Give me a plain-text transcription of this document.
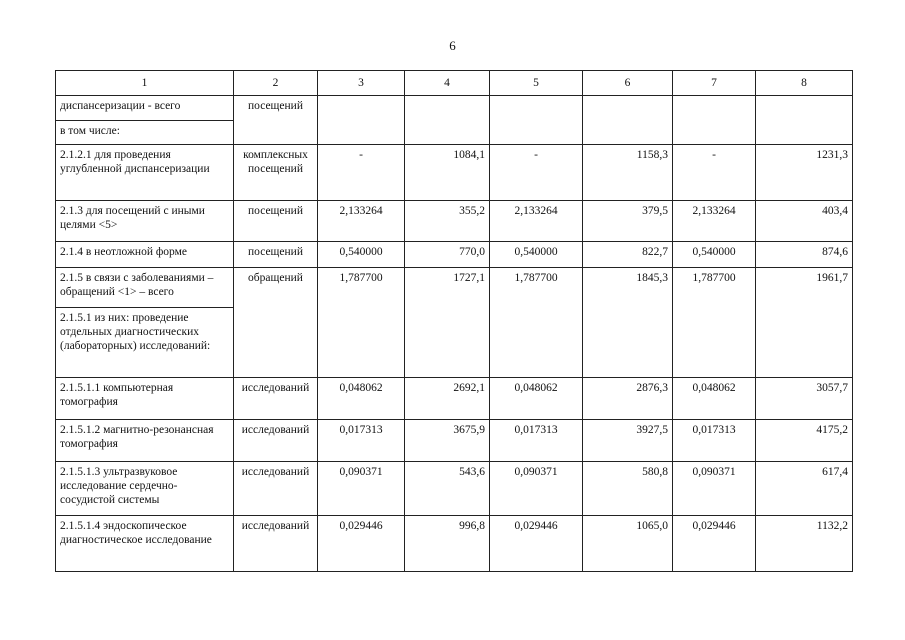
6
1	2	3	4	5	6	7	8
диспансеризации - всего	посещений						
в том числе:							
2.1.2.1 для проведения углубленной диспансеризации	комплексных посещений	-	1084,1	-	1158,3	-	1231,3
2.1.3 для посещений с иными целями <5>	посещений	2,133264	355,2	2,133264	379,5	2,133264	403,4
2.1.4 в неотложной форме	посещений	0,540000	770,0	0,540000	822,7	0,540000	874,6
2.1.5 в связи с заболеваниями – обращений <1> – всего	обращений	1,787700	1727,1	1,787700	1845,3	1,787700	1961,7
2.1.5.1 из них: проведение отдельных диагностических (лабораторных) исследований:							
2.1.5.1.1 компьютерная томография	исследований	0,048062	2692,1	0,048062	2876,3	0,048062	3057,7
2.1.5.1.2 магнитно-резонансная томография	исследований	0,017313	3675,9	0,017313	3927,5	0,017313	4175,2
2.1.5.1.3 ультразвуковое исследование сердечно-сосудистой системы	исследований	0,090371	543,6	0,090371	580,8	0,090371	617,4
2.1.5.1.4 эндоскопическое диагностическое исследование	исследований	0,029446	996,8	0,029446	1065,0	0,029446	1132,2
